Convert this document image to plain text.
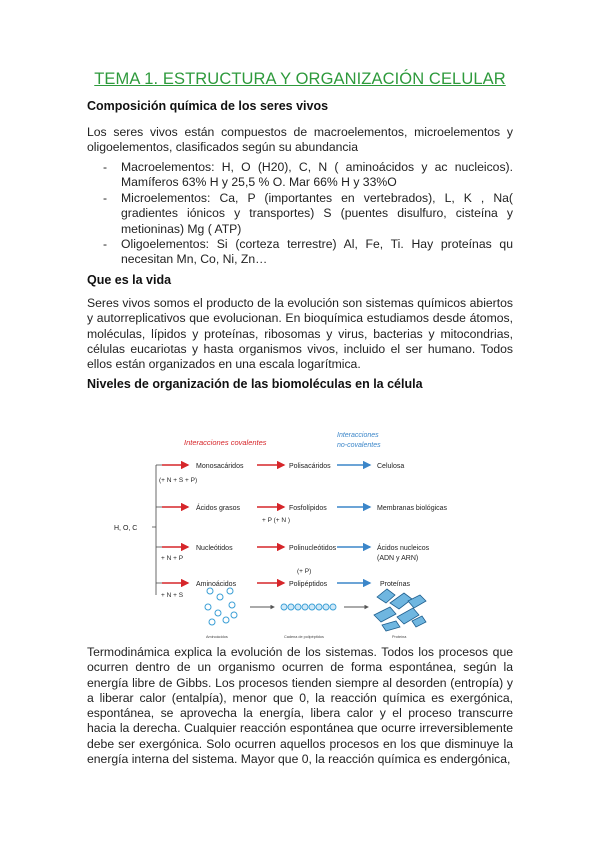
TEMA 1. ESTRUCTURA Y ORGANIZACIÓN CELULAR
Composición química de los seres vivos
Los seres vivos están compuestos de macroelementos, microelementos y oligoelementos, clasificados según su abundancia
- Macroelementos: H, O (H20), C, N ( aminoácidos y ac nucleicos). Mamíferos 63% H y 25,5 % O. Mar 66% H y 33%O
- Microelementos: Ca, P (importantes en vertebrados), L, K , Na( gradientes iónicos y transportes) S (puentes disulfuro, cisteína y metioninas) Mg ( ATP)
- Oligoelementos: Si (corteza terrestre) Al, Fe, Ti. Hay proteínas qu necesitan Mn, Co, Ni, Zn…
Que es la vida
Seres vivos somos el producto de la evolución son sistemas químicos abiertos y autorreplicativos que evolucionan. En bioquímica estudiamos desde átomos, moléculas, lípidos y proteínas, ribosomas y virus, bacterias y mitocondrias, células eucariotas y hasta organismos vivos, incluido el ser humano. Todos ellos están organizados en una escala logarítmica.
Niveles de organización de las biomoléculas en la célula
Interacciones covalentes
Interacciones
no-covalentes
H, O, C
Monosacáridos
(+ N + S + P)
Polisacáridos	Celulosa
Ácidos grasos	Fosfolípidos
+ P (+ N )
Membranas biológicas
Nucleótidos
+ N + P
Polinucleótidos	Ácidos nucleicos
(ADN y ARN)
(+ P)
Aminoácidos
+ N + S
Polipéptidos	Proteínas
Aminoácidos	Cadena de polipéptidos	Proteína
Termodinámica explica la evolución de los sistemas. Todos los procesos que ocurren dentro de un organismo ocurren de forma espontánea, según la energía libre de Gibbs. Los procesos tienden siempre al desorden (entropía) y a liberar calor (entalpía), menor que 0, la reacción química es exergónica, espontánea, se aprovecha la energía, libera calor y el proceso transcurre hacia la derecha. Cualquier reacción espontánea que ocurre irreversiblemente debe ser exergónica. Solo ocurren aquellos procesos en los que disminuye la energía interna del sistema. Mayor que 0, la reacción química es endergónica,
